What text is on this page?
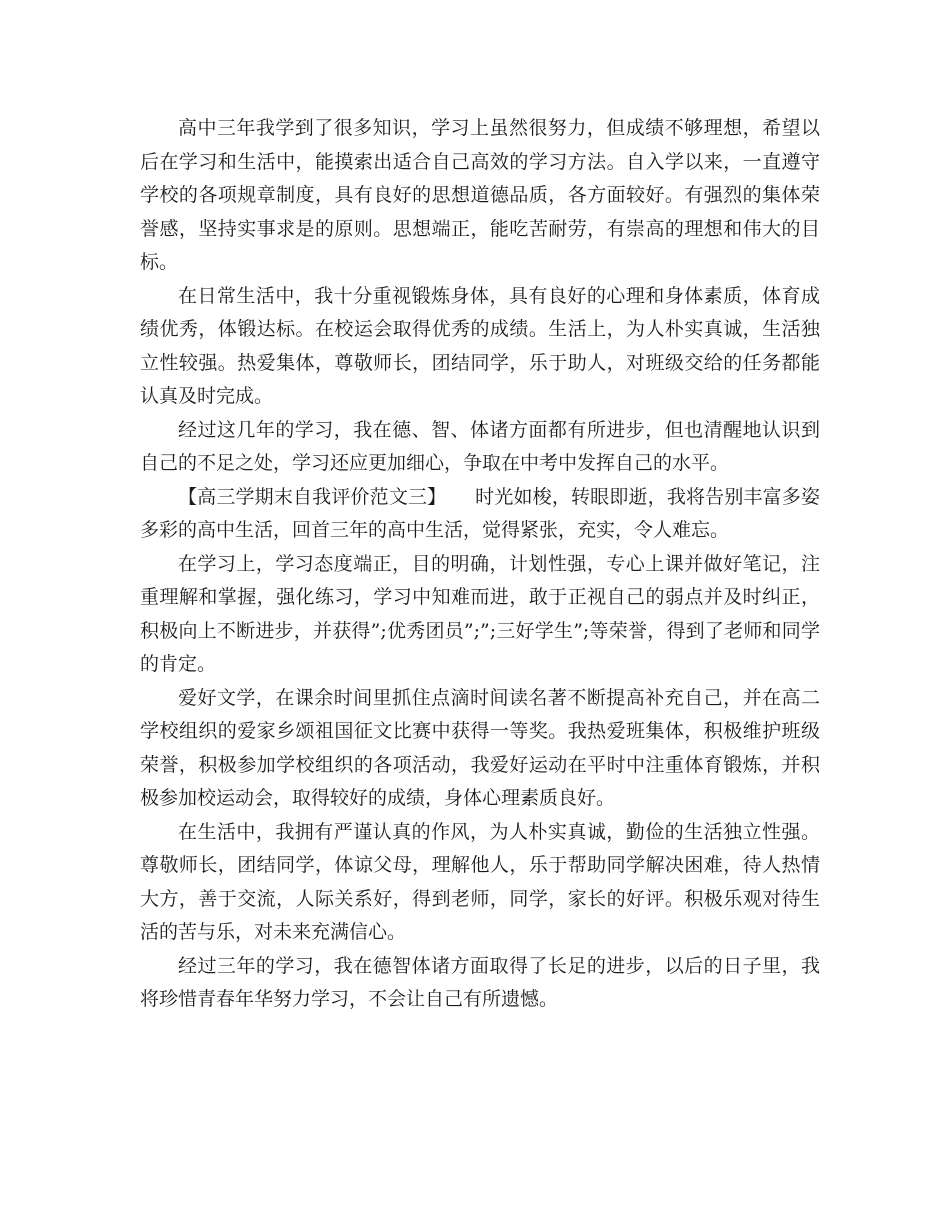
高中三年我学到了很多知识，学习上虽然很努力，但成绩不够理想，希望以后在学习和生活中，能摸索出适合自己高效的学习方法。自入学以来，一直遵守学校的各项规章制度，具有良好的思想道德品质，各方面较好。有强烈的集体荣誉感，坚持实事求是的原则。思想端正，能吃苦耐劳，有崇高的理想和伟大的目标。

在日常生活中，我十分重视锻炼身体，具有良好的心理和身体素质，体育成绩优秀，体锻达标。在校运会取得优秀的成绩。生活上，为人朴实真诚，生活独立性较强。热爱集体，尊敬师长，团结同学，乐于助人，对班级交给的任务都能认真及时完成。

经过这几年的学习，我在德、智、体诸方面都有所进步，但也清醒地认识到自己的不足之处，学习还应更加细心，争取在中考中发挥自己的水平。

【高三学期末自我评价范文三】　　时光如梭，转眼即逝，我将告别丰富多姿多彩的高中生活，回首三年的高中生活，觉得紧张，充实，令人难忘。

在学习上，学习态度端正，目的明确，计划性强，专心上课并做好笔记，注重理解和掌握，强化练习，学习中知难而进，敢于正视自己的弱点并及时纠正，积极向上不断进步，并获得”;优秀团员”;”;三好学生”;等荣誉，得到了老师和同学的肯定。

爱好文学，在课余时间里抓住点滴时间读名著不断提高补充自己，并在高二学校组织的爱家乡颂祖国征文比赛中获得一等奖。我热爱班集体，积极维护班级荣誉，积极参加学校组织的各项活动，我爱好运动在平时中注重体育锻炼，并积极参加校运动会，取得较好的成绩，身体心理素质良好。

在生活中，我拥有严谨认真的作风，为人朴实真诚，勤俭的生活独立性强。尊敬师长，团结同学，体谅父母，理解他人，乐于帮助同学解决困难，待人热情大方，善于交流，人际关系好，得到老师，同学，家长的好评。积极乐观对待生活的苦与乐，对未来充满信心。

经过三年的学习，我在德智体诸方面取得了长足的进步，以后的日子里，我将珍惜青春年华努力学习，不会让自己有所遗憾。
